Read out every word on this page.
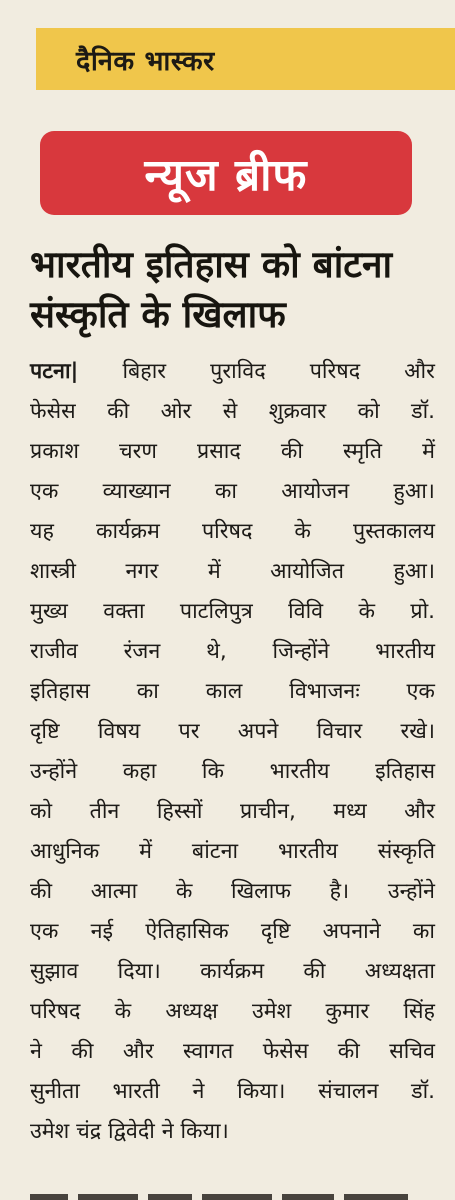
दैनिक भास्कर
न्यूज ब्रीफ
भारतीय इतिहास को बांटना
संस्कृति के खिलाफ
पटना| बिहार पुराविद परिषद और
फेसेस की ओर से शुक्रवार को डॉ.
प्रकाश चरण प्रसाद की स्मृति में
एक व्याख्यान का आयोजन हुआ।
यह कार्यक्रम परिषद के पुस्तकालय
शास्त्री नगर में आयोजित हुआ।
मुख्य वक्ता पाटलिपुत्र विवि के प्रो.
राजीव रंजन थे, जिन्होंने भारतीय
इतिहास का काल विभाजनः एक
दृष्टि विषय पर अपने विचार रखे।
उन्होंने कहा कि भारतीय इतिहास
को तीन हिस्सों प्राचीन, मध्य और
आधुनिक में बांटना भारतीय संस्कृति
की आत्मा के खिलाफ है। उन्होंने
एक नई ऐतिहासिक दृष्टि अपनाने का
सुझाव दिया। कार्यक्रम की अध्यक्षता
परिषद के अध्यक्ष उमेश कुमार सिंह
ने की और स्वागत फेसेस की सचिव
सुनीता भारती ने किया। संचालन डॉ.
उमेश चंद्र द्विवेदी ने किया।
